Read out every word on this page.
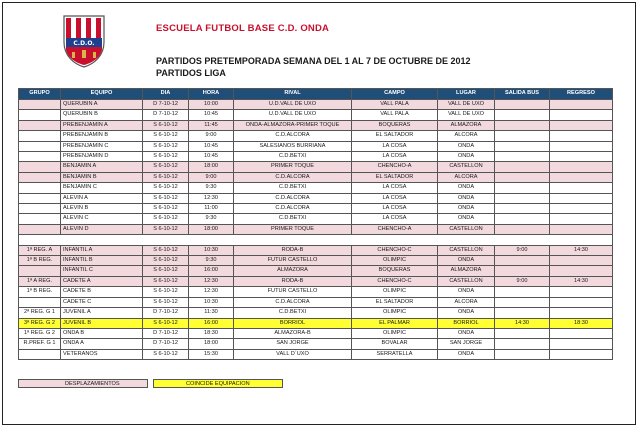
C.D.O.
ESCUELA FUTBOL BASE C.D. ONDA
PARTIDOS PRETEMPORADA SEMANA DEL 1 AL 7 DE OCTUBRE DE 2012
PARTIDOS LIGA
GRUPO	EQUIPO	DIA	HORA	RIVAL	CAMPO	LUGAR	SALIDA BUS	REGRESO
	QUERUBIN A	D 7-10-12	10:00	U.D.VALL DE UXO	VALL PALA	VALL DE UXO		
	QUERUBIN B	D 7-10-12	10:45	U.D.VALL DE UXO	VALL PALA	VALL DE UXO		
	PREBENJAMIN A	S 6-10-12	11:45	ONDA-ALMAZORA-PRIMER TOQUE	BOQUERAS	ALMAZORA		
	PREBENJAMIN B	S 6-10-12	9:00	C.D.ALCORA	EL SALTADOR	ALCORA		
	PREBENJAMIN C	S 6-10-12	10:45	SALESIANOS BURRIANA	LA COSA	ONDA		
	PREBENJAMIN D	S 6-10-12	10:45	C.D.BETXI	LA COSA	ONDA		
	BENJAMIN A	S 6-10-12	18:00	PRIMER TOQUE	CHENCHO-A	CASTELLON		
	BENJAMIN B	S 6-10-12	9:00	C.D.ALCORA	EL SALTADOR	ALCORA		
	BENJAMIN C	S 6-10-12	9:30	C.D.BETXI	LA COSA	ONDA		
	ALEVIN A	S 6-10-12	12:30	C.D.ALCORA	LA COSA	ONDA		
	ALEVIN B	S 6-10-12	11:00	C.D.ALCORA	LA COSA	ONDA		
	ALEVIN C	S 6-10-12	9:30	C.D.BETXI	LA COSA	ONDA		
	ALEVIN D	S 6-10-12	18:00	PRIMER TOQUE	CHENCHO-A	CASTELLON		

1ª REG. A	INFANTIL A	S 6-10-12	10:30	RODA-B	CHENCHO-C	CASTELLON	9:00	14:30
1ª B REG.	INFANTIL B	S 6-10-12	9:30	FUTUR CASTELLO	OLIMPIC	ONDA		
	INFANTIL C	S 6-10-12	16:00	ALMAZORA	BOQUERAS	ALMAZORA		
1ª A REG.	CADETE A	S 6-10-12	12:30	RODA-B	CHENCHO-C	CASTELLON	9:00	14:30
1ª B REG.	CADETE B	S 6-10-12	12:30	FUTUR CASTELLO	OLIMPIC	ONDA		
	CADETE C	S 6-10-12	10:30	C.D.ALCORA	EL SALTADOR	ALCORA		
2ª REG. G 1	JUVENIL A	D 7-10-12	11:30	C.D.BETXI	OLIMPIC	ONDA		
3ª REG. G 2	JUVENIL B	S 6-10-12	16:00	BORRIOL	EL PALMAR	BORRIOL	14:30	18:30
1ª REG. G 2	ONDA B	D 7-10-12	18:30	ALMAZORA-B	OLIMPIC	ONDA		
R.PREF. G 1	ONDA A	D 7-10-12	18:00	SAN JORGE	BOVALAR	SAN JORGE		
	VETERANOS	S 6-10-12	15:30	VALL D´UXO	SERRATELLA	ONDA		
DESPLAZAMIENTOS	COINCIDE EQUIPACION
